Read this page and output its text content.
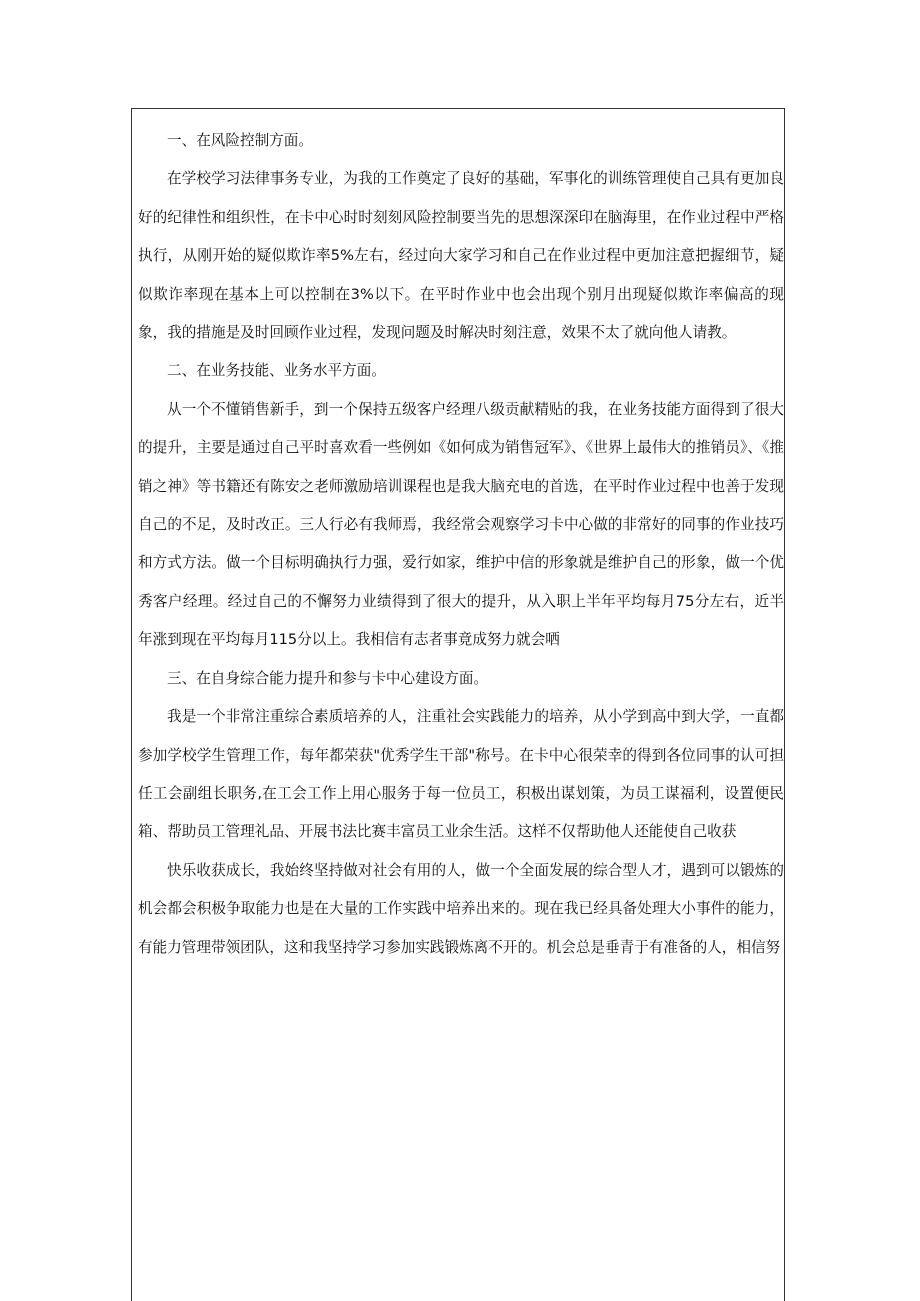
一、在风险控制方面。

在学校学习法律事务专业，为我的工作奠定了良好的基础，军事化的训练管理使自己具有更加良好的纪律性和组织性，在卡中心时时刻刻风险控制要当先的思想深深印在脑海里，在作业过程中严格执行，从刚开始的疑似欺诈率5%左右，经过向大家学习和自己在作业过程中更加注意把握细节，疑似欺诈率现在基本上可以控制在3%以下。在平时作业中也会出现个别月出现疑似欺诈率偏高的现象，我的措施是及时回顾作业过程，发现问题及时解决时刻注意，效果不太了就向他人请教。

二、在业务技能、业务水平方面。

从一个不懂销售新手，到一个保持五级客户经理八级贡献精贴的我，在业务技能方面得到了很大的提升，主要是通过自己平时喜欢看一些例如《如何成为销售冠军》、《世界上最伟大的推销员》、《推销之神》等书籍还有陈安之老师激励培训课程也是我大脑充电的首选，在平时作业过程中也善于发现自己的不足，及时改正。三人行必有我师焉，我经常会观察学习卡中心做的非常好的同事的作业技巧和方式方法。做一个目标明确执行力强，爱行如家，维护中信的形象就是维护自己的形象，做一个优秀客户经理。经过自己的不懈努力业绩得到了很大的提升，从入职上半年平均每月75分左右，近半年涨到现在平均每月115分以上。我相信有志者事竟成努力就会哂

三、在自身综合能力提升和参与卡中心建设方面。

我是一个非常注重综合素质培养的人，注重社会实践能力的培养，从小学到高中到大学，一直都参加学校学生管理工作，每年都荣获"优秀学生干部"称号。在卡中心很荣幸的得到各位同事的认可担任工会副组长职务,在工会工作上用心服务于每一位员工，积极出谋划策，为员工谋福利，设置便民箱、帮助员工管理礼品、开展书法比赛丰富员工业余生活。这样不仅帮助他人还能使自己收获

快乐收获成长，我始终坚持做对社会有用的人，做一个全面发展的综合型人才，遇到可以锻炼的机会都会积极争取能力也是在大量的工作实践中培养出来的。现在我已经具备处理大小事件的能力，有能力管理带领团队，这和我坚持学习参加实践锻炼离不开的。机会总是垂青于有准备的人，相信努
